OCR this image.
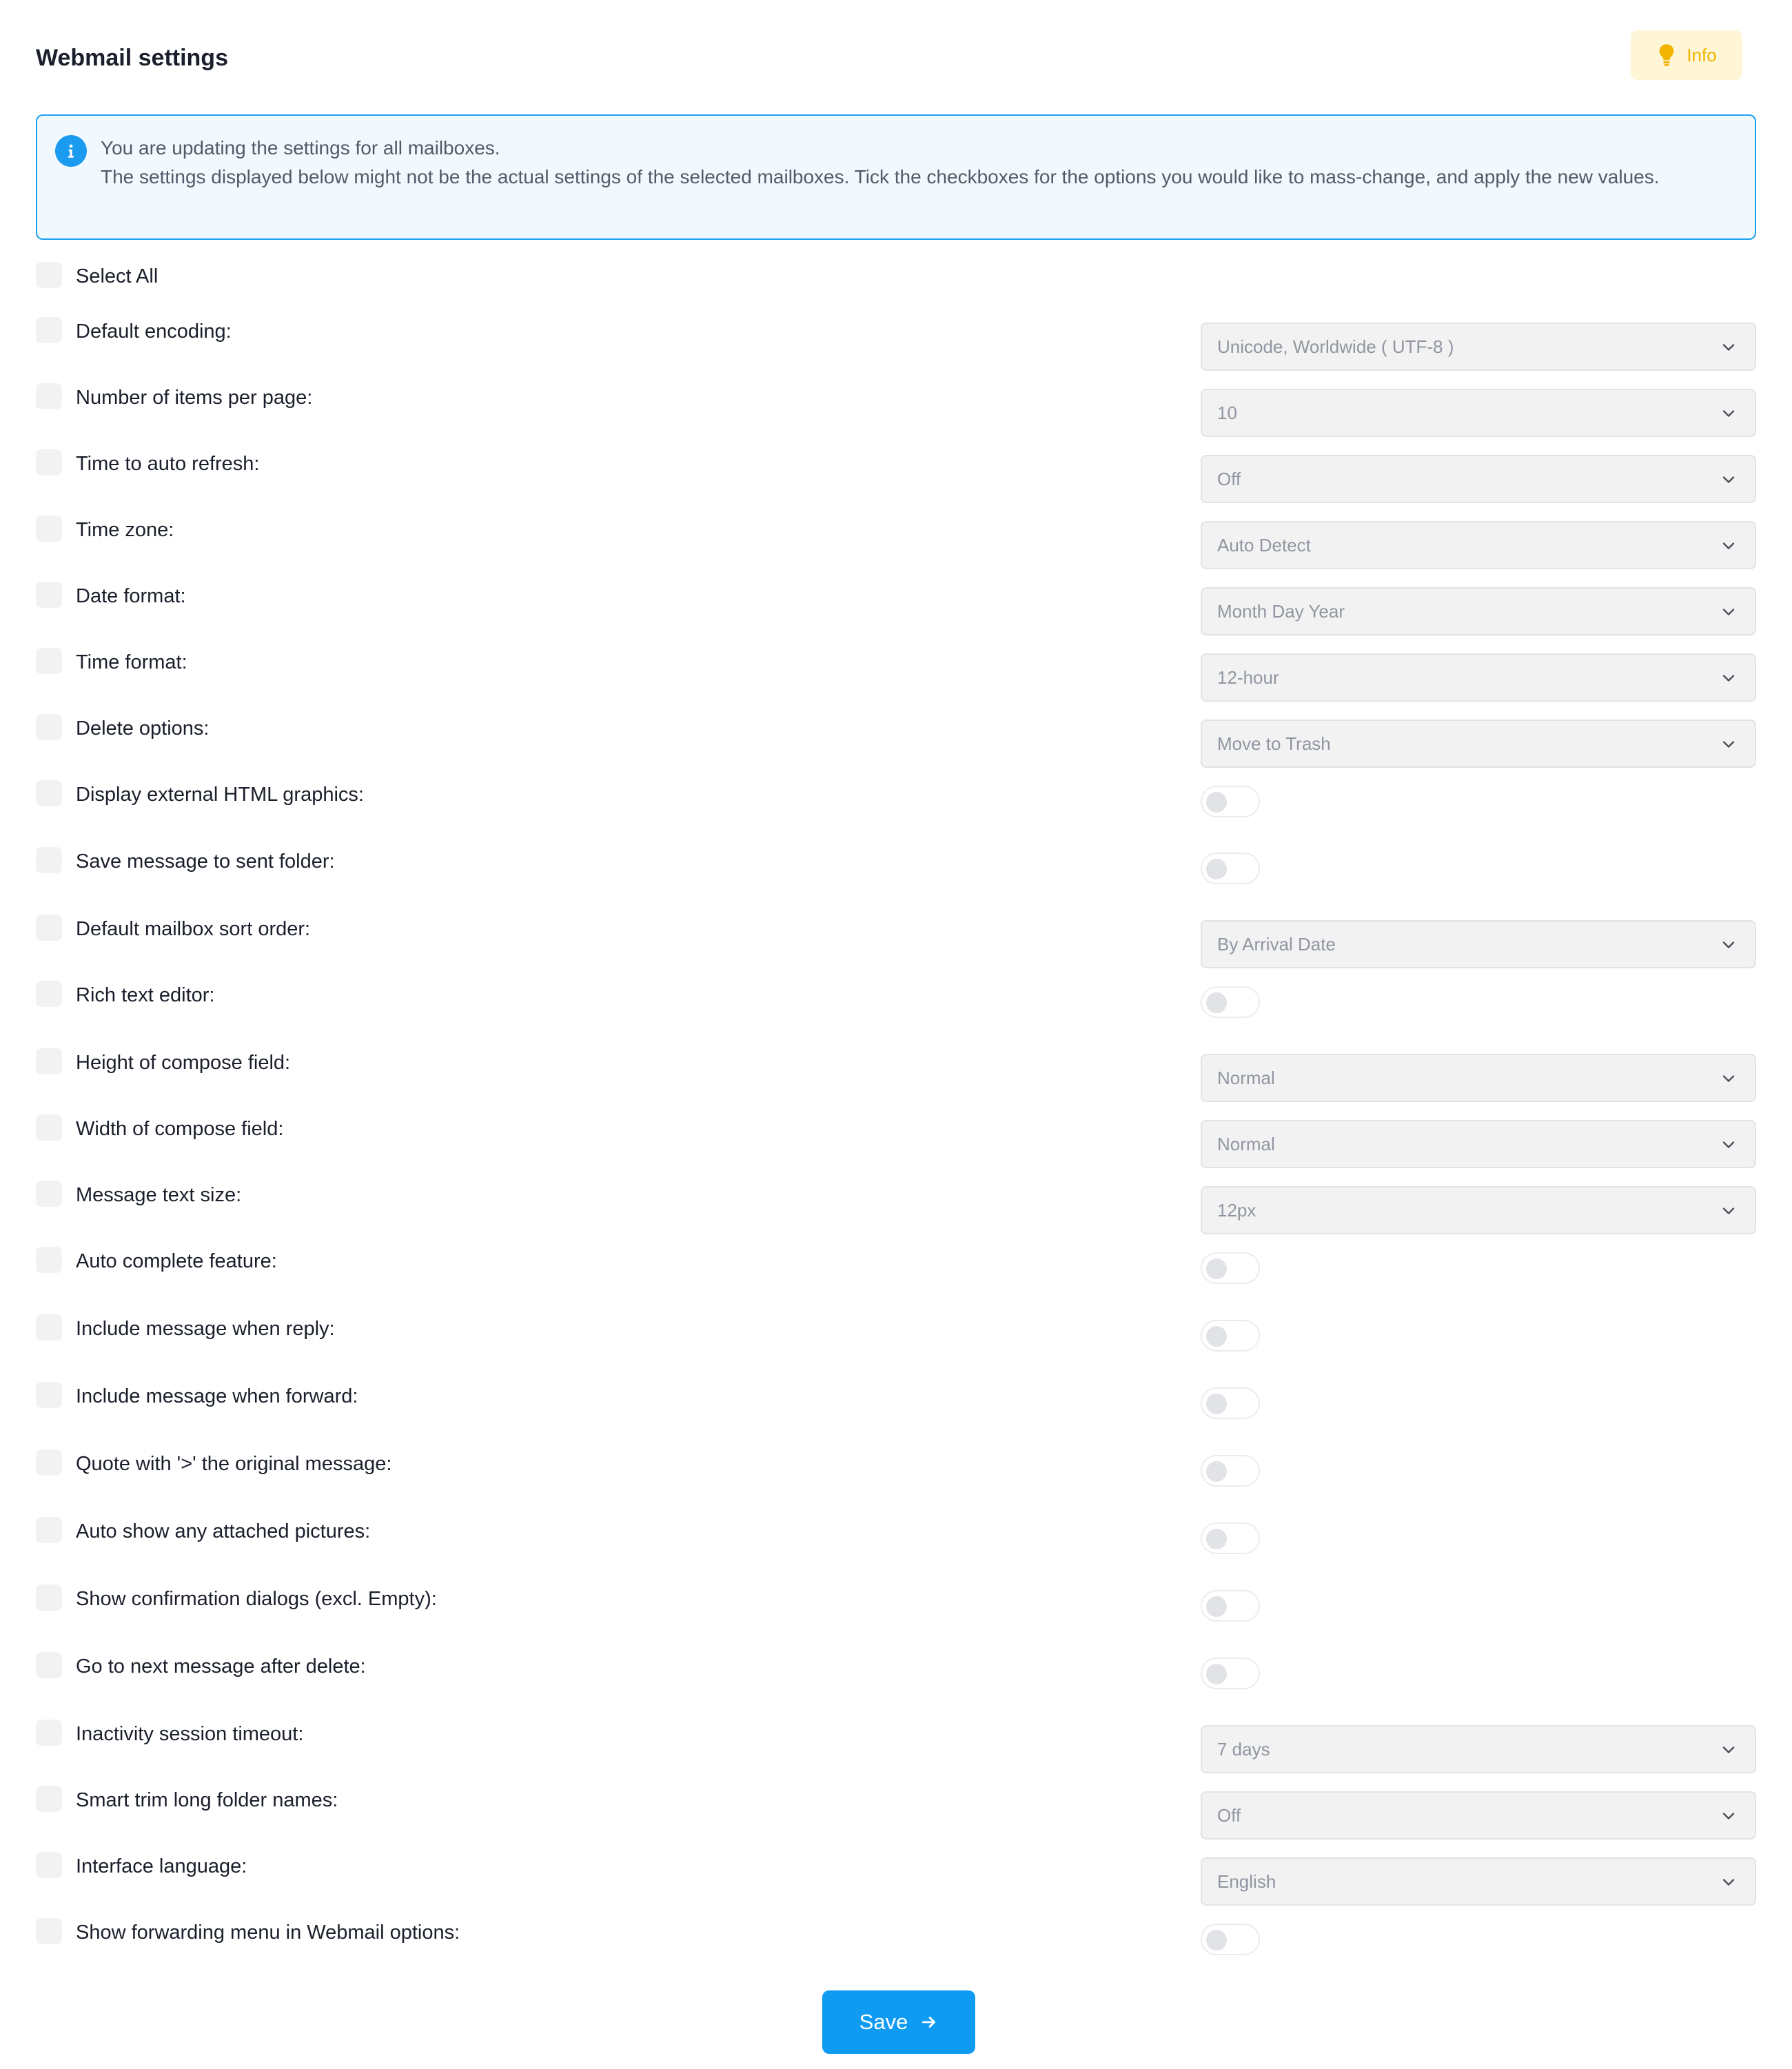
Webmail settings	Info
You are updating the settings for all mailboxes.
The settings displayed below might not be the actual settings of the selected mailboxes. Tick the checkboxes for the options you would like to mass-change, and apply the new values.
Select All
Default encoding:
Unicode, Worldwide ( UTF-8 )
Number of items per page:
10
Time to auto refresh:
Off
Time zone:
Auto Detect
Date format:
Month Day Year
Time format:
12-hour
Delete options:
Move to Trash
Display external HTML graphics:
Save message to sent folder:
Default mailbox sort order:
By Arrival Date
Rich text editor:
Height of compose field:
Normal
Width of compose field:
Normal
Message text size:
12px
Auto complete feature:
Include message when reply:
Include message when forward:
Quote with '>' the original message:
Auto show any attached pictures:
Show confirmation dialogs (excl. Empty):
Go to next message after delete:
Inactivity session timeout:
7 days
Smart trim long folder names:
Off
Interface language:
English
Show forwarding menu in Webmail options:
Save
